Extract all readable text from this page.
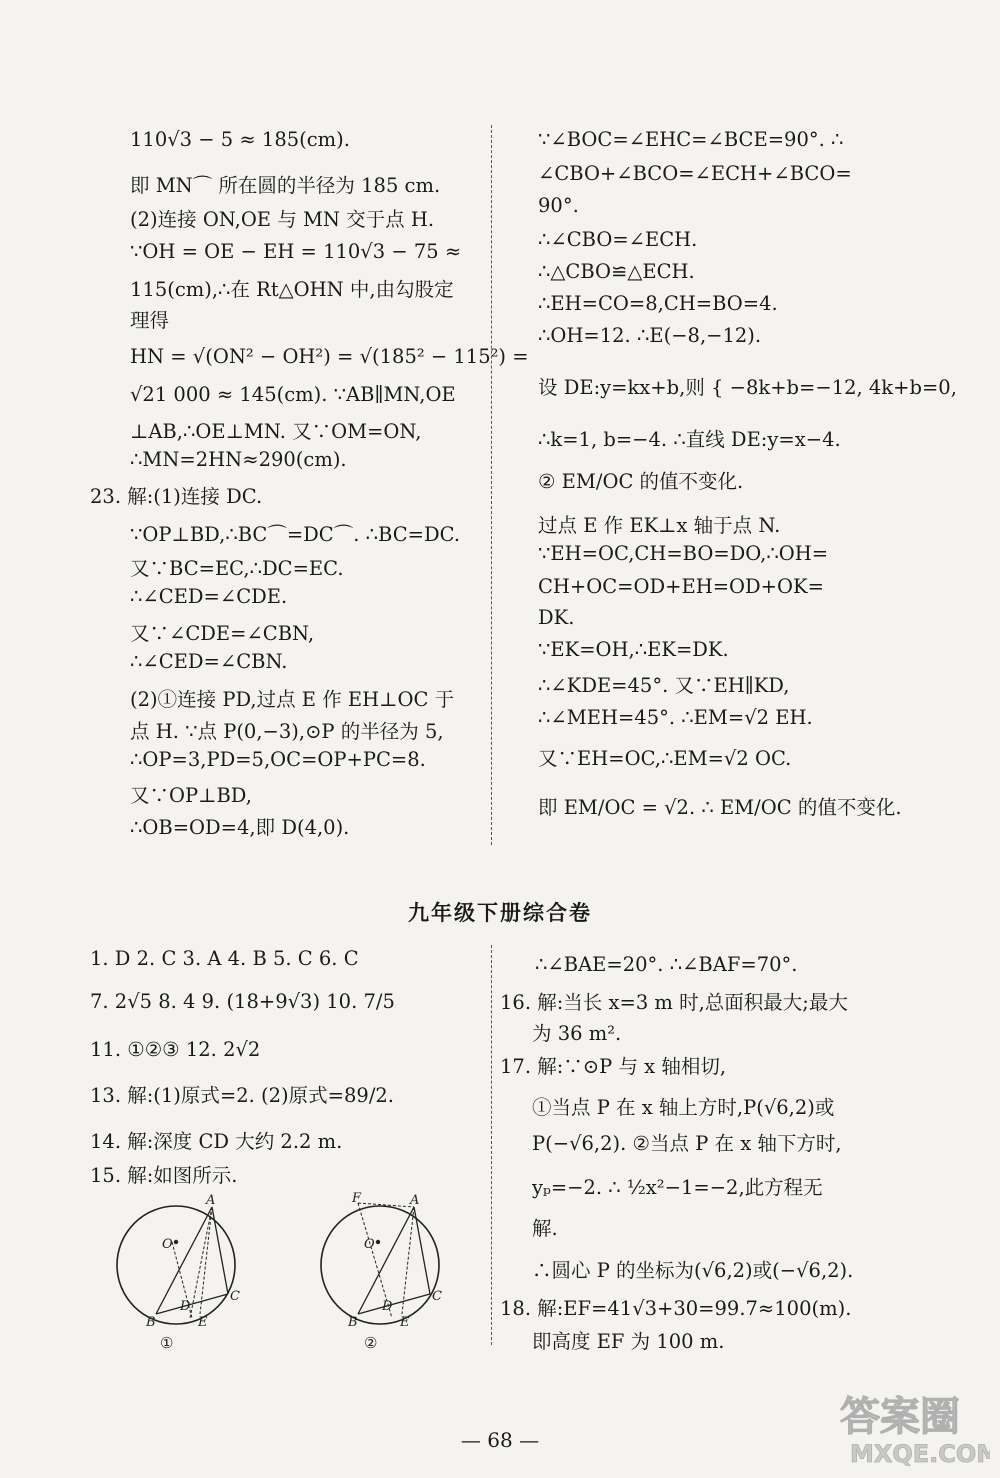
110√3 − 5 ≈ 185(cm).
即 MN⌒ 所在圆的半径为 185 cm.
(2)连接 ON,OE 与 MN 交于点 H.
∵OH = OE − EH = 110√3 − 75 ≈
115(cm),∴在 Rt△OHN 中,由勾股定
理得
HN = √(ON² − OH²) = √(185² − 115²) =
√21 000 ≈ 145(cm). ∵AB∥MN,OE
⊥AB,∴OE⊥MN. 又∵OM=ON,
∴MN=2HN≈290(cm).
23. 解:(1)连接 DC.
∵OP⊥BD,∴BC⌒=DC⌒. ∴BC=DC.
又∵BC=EC,∴DC=EC.
∴∠CED=∠CDE.
又∵∠CDE=∠CBN,
∴∠CED=∠CBN.
(2)①连接 PD,过点 E 作 EH⊥OC 于
点 H. ∵点 P(0,−3),⊙P 的半径为 5,
∴OP=3,PD=5,OC=OP+PC=8.
又∵OP⊥BD,
∴OB=OD=4,即 D(4,0).
∵∠BOC=∠EHC=∠BCE=90°. ∴
∠CBO+∠BCO=∠ECH+∠BCO=
90°.
∴∠CBO=∠ECH.
∴△CBO≌△ECH.
∴EH=CO=8,CH=BO=4.
∴OH=12. ∴E(−8,−12).
设 DE:y=kx+b,则 { −8k+b=−12, 4k+b=0,
∴k=1, b=−4. ∴直线 DE:y=x−4.
② EM/OC 的值不变化.
过点 E 作 EK⊥x 轴于点 N.
∵EH=OC,CH=BO=DO,∴OH=
CH+OC=OD+EH=OD+OK=
DK.
∵EK=OH,∴EK=DK.
∴∠KDE=45°. 又∵EH∥KD,
∴∠MEH=45°. ∴EM=√2 EH.
又∵EH=OC,∴EM=√2 OC.
即 EM/OC = √2. ∴ EM/OC 的值不变化.
九年级下册综合卷
1. D 2. C 3. A 4. B 5. C 6. C
7. 2√5 8. 4 9. (18+9√3) 10. 7/5
11. ①②③ 12. 2√2
13. 解:(1)原式=2. (2)原式=89/2.
14. 解:深度 CD 大约 2.2 m.
15. 解:如图所示.
∴∠BAE=20°. ∴∠BAF=70°.
16. 解:当长 x=3 m 时,总面积最大;最大
为 36 m².
17. 解:∵⊙P 与 x 轴相切,
①当点 P 在 x 轴上方时,P(√6,2)或
P(−√6,2). ②当点 P 在 x 轴下方时,
yₚ=−2. ∴ ½x²−1=−2,此方程无
解.
∴圆心 P 的坐标为(√6,2)或(−√6,2).
18. 解:EF=41√3+30=99.7≈100(m).
即高度 EF 为 100 m.
A
O
B
C
D
E
①
F	A
O
B
C
D
E
②
— 68 —	答案圈
MXQE.COM
